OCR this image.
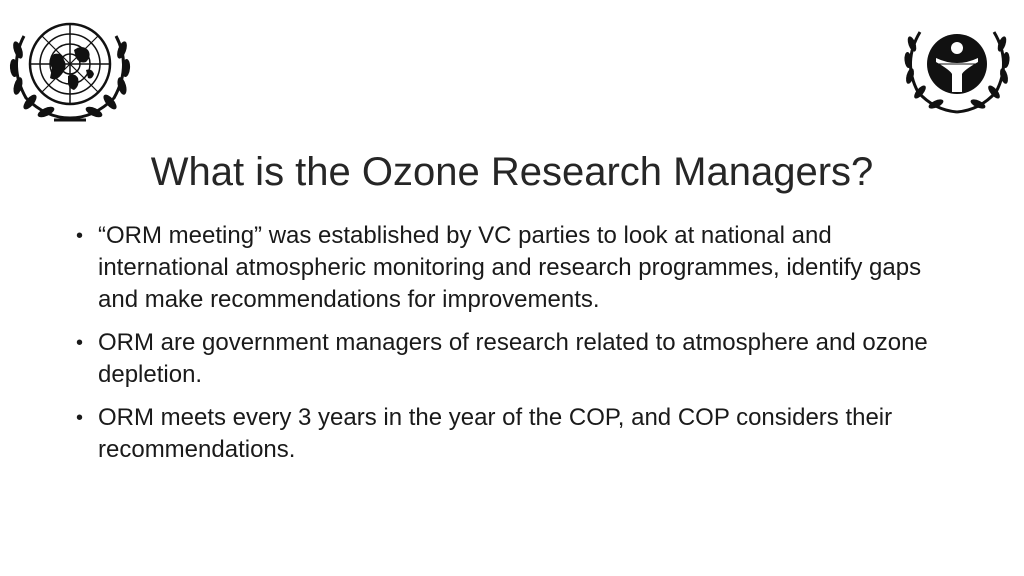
What is the Ozone Research Managers?
• “ORM meeting” was established by VC parties to look at national and international atmospheric monitoring and research programmes, identify gaps and make recommendations for improvements.
• ORM are government managers of research related to atmosphere and ozone depletion.
• ORM meets every 3 years in the year of the COP, and COP considers their recommendations.
